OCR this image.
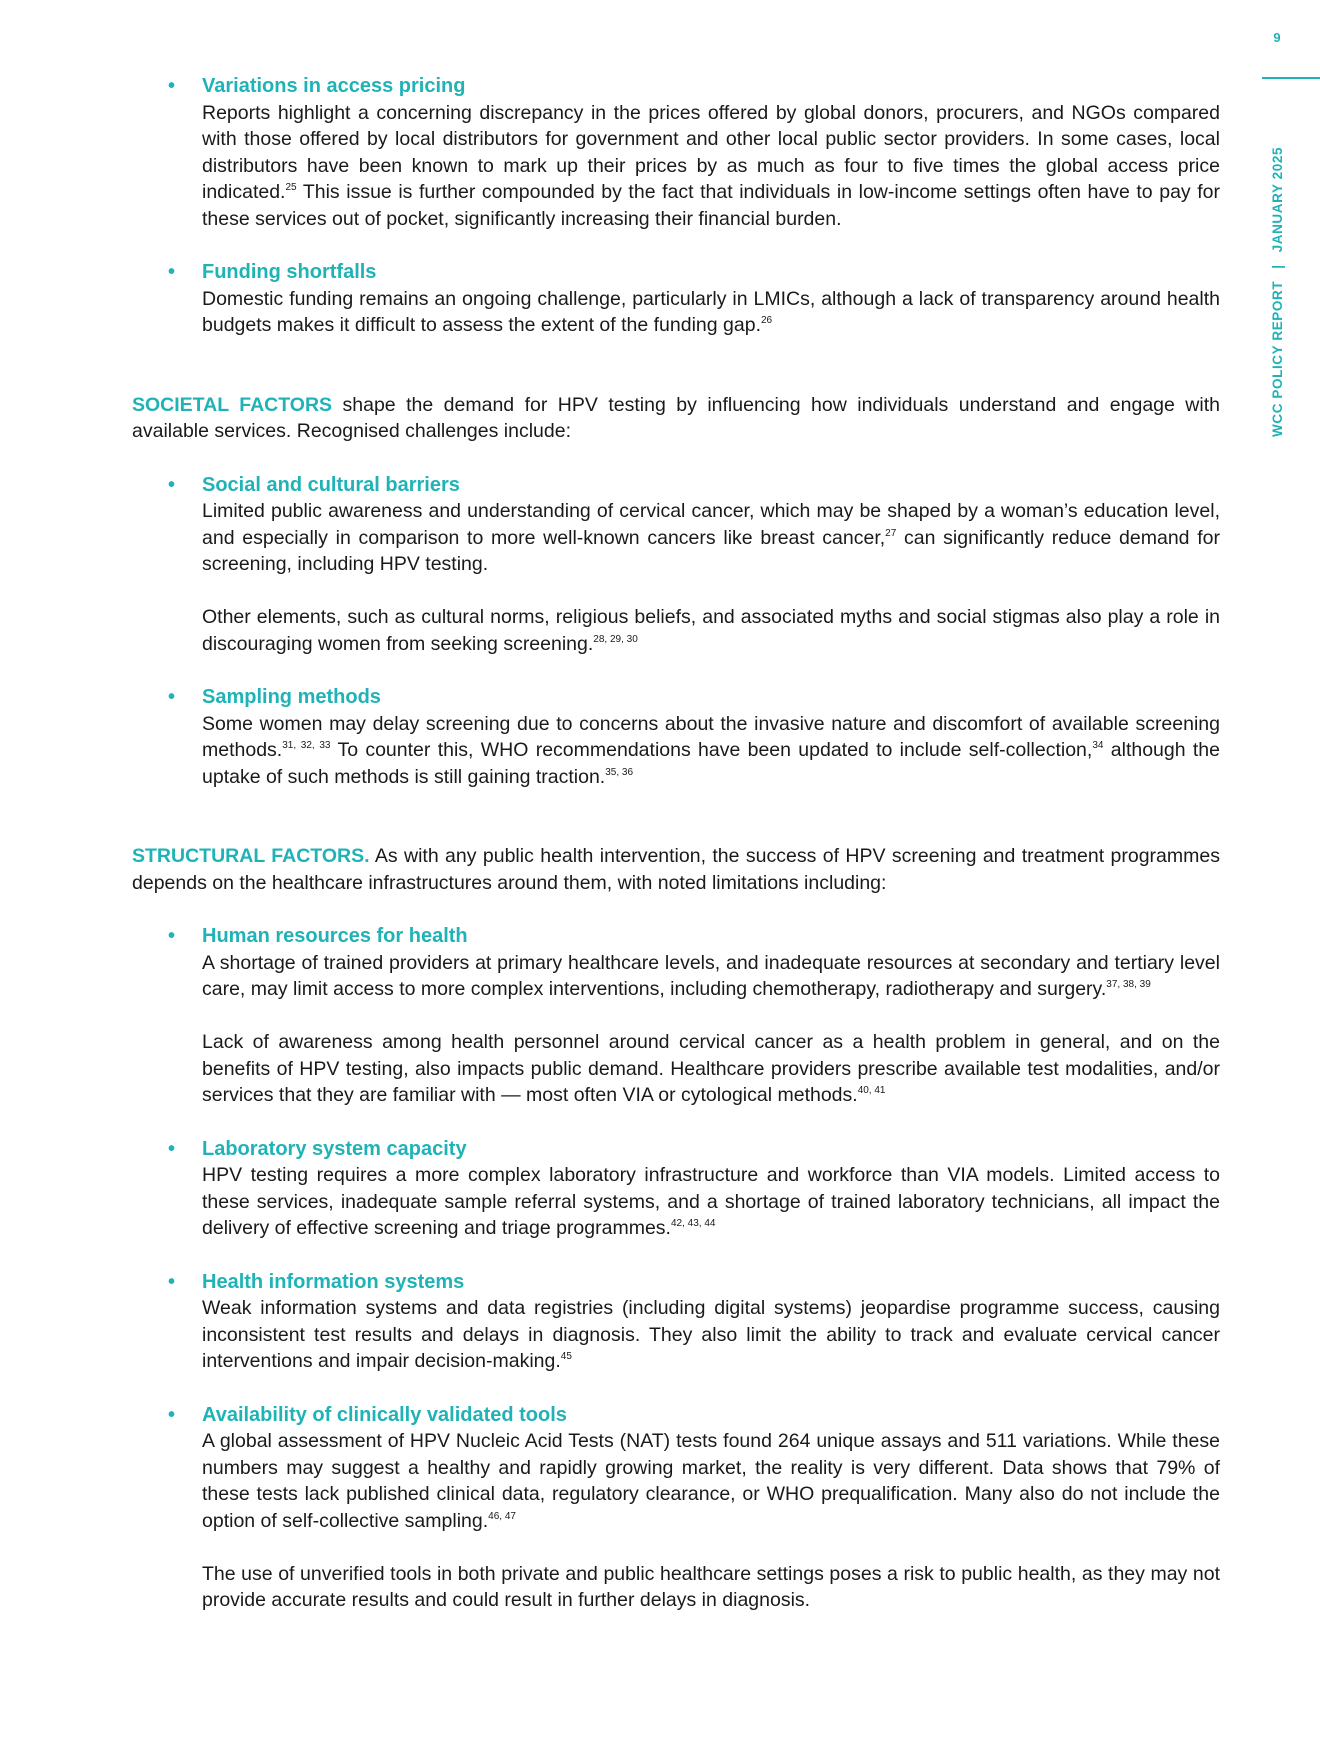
9
WCC POLICY REPORT|JANUARY 2025
• Variations in access pricing

Reports highlight a concerning discrepancy in the prices offered by global donors, procurers, and NGOs compared with those offered by local distributors for government and other local public sector providers. In some cases, local distributors have been known to mark up their prices by as much as four to five times the global access price indicated.$^{25}$ This issue is further compounded by the fact that individuals in low-income settings often have to pay for these services out of pocket, significantly increasing their financial burden.

• Funding shortfalls

Domestic funding remains an ongoing challenge, particularly in LMICs, although a lack of transparency around health budgets makes it difficult to assess the extent of the funding gap.$^{26}$

SOCIETAL FACTORS shape the demand for HPV testing by influencing how individuals understand and engage with available services. Recognised challenges include:

• Social and cultural barriers

Limited public awareness and understanding of cervical cancer, which may be shaped by a woman’s education level, and especially in comparison to more well-known cancers like breast cancer,$^{27}$ can significantly reduce demand for screening, including HPV testing.

Other elements, such as cultural norms, religious beliefs, and associated myths and social stigmas also play a role in discouraging women from seeking screening.$^{28, 29, 30}$

• Sampling methods

Some women may delay screening due to concerns about the invasive nature and discomfort of available screening methods.$^{31, 32, 33}$ To counter this, WHO recommendations have been updated to include self-collection,$^{34}$ although the uptake of such methods is still gaining traction.$^{35, 36}$

STRUCTURAL FACTORS. As with any public health intervention, the success of HPV screening and treatment programmes depends on the healthcare infrastructures around them, with noted limitations including:

• Human resources for health

A shortage of trained providers at primary healthcare levels, and inadequate resources at secondary and tertiary level care, may limit access to more complex interventions, including chemotherapy, radiotherapy and surgery.$^{37, 38, 39}$

Lack of awareness among health personnel around cervical cancer as a health problem in general, and on the benefits of HPV testing, also impacts public demand. Healthcare providers prescribe available test modalities, and/or services that they are familiar with — most often VIA or cytological methods.$^{40, 41}$

• Laboratory system capacity

HPV testing requires a more complex laboratory infrastructure and workforce than VIA models. Limited access to these services, inadequate sample referral systems, and a shortage of trained laboratory technicians, all impact the delivery of effective screening and triage programmes.$^{42, 43, 44}$

• Health information systems

Weak information systems and data registries (including digital systems) jeopardise programme success, causing inconsistent test results and delays in diagnosis. They also limit the ability to track and evaluate cervical cancer interventions and impair decision-making.$^{45}$

• Availability of clinically validated tools

A global assessment of HPV Nucleic Acid Tests (NAT) tests found 264 unique assays and 511 variations. While these numbers may suggest a healthy and rapidly growing market, the reality is very different. Data shows that 79% of these tests lack published clinical data, regulatory clearance, or WHO prequalification. Many also do not include the option of self-collective sampling.$^{46, 47}$

The use of unverified tools in both private and public healthcare settings poses a risk to public health, as they may not provide accurate results and could result in further delays in diagnosis.
